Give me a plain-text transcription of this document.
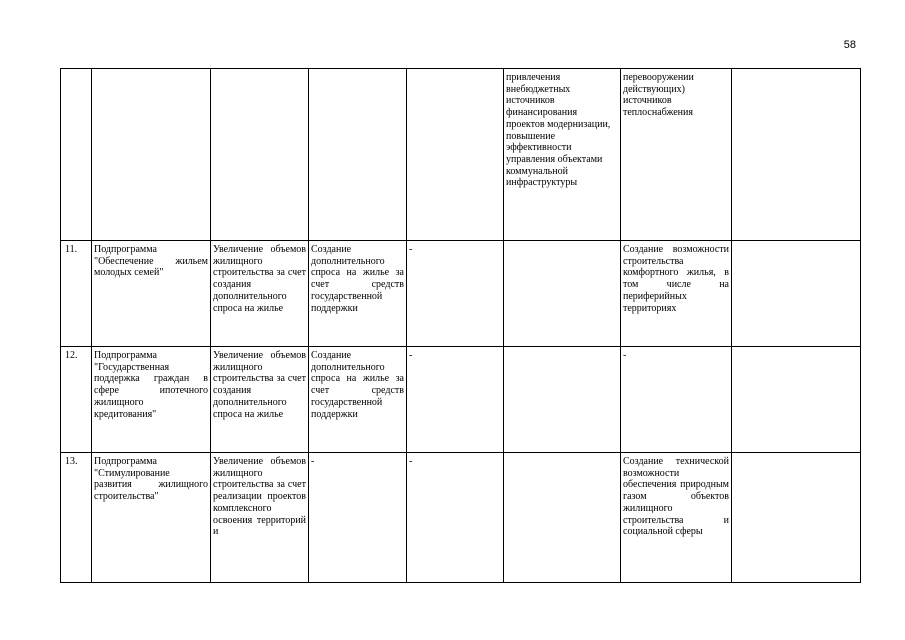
58
					привлечения внебюджетных источников финансирования проектов модернизации, повышение эффективности управления объектами коммунальной инфраструктуры	перевооружении действующих) источников теплоснабжения	
11.	Подпрограмма "Обеспечение жильем молодых семей"	Увеличение объемов жилищного строительства за счет создания дополнительного спроса на жилье	Создание дополнительного спроса на жилье за счет средств государственной поддержки	-		Создание возможности строительства комфортного жилья, в том числе на периферийных территориях	
12.	Подпрограмма "Государственная поддержка граждан в сфере ипотечного жилищного кредитования"	Увеличение объемов жилищного строительства за счет создания дополнительного спроса на жилье	Создание дополнительного спроса на жилье за счет средств государственной поддержки	-		-	
13.	Подпрограмма "Стимулирование развития жилищного строительства"	Увеличение объемов жилищного строительства за счет реализации проектов комплексного освоения территорий и	-	-		Создание технической возможности обеспечения природным газом объектов жилищного строительства и социальной сферы	
